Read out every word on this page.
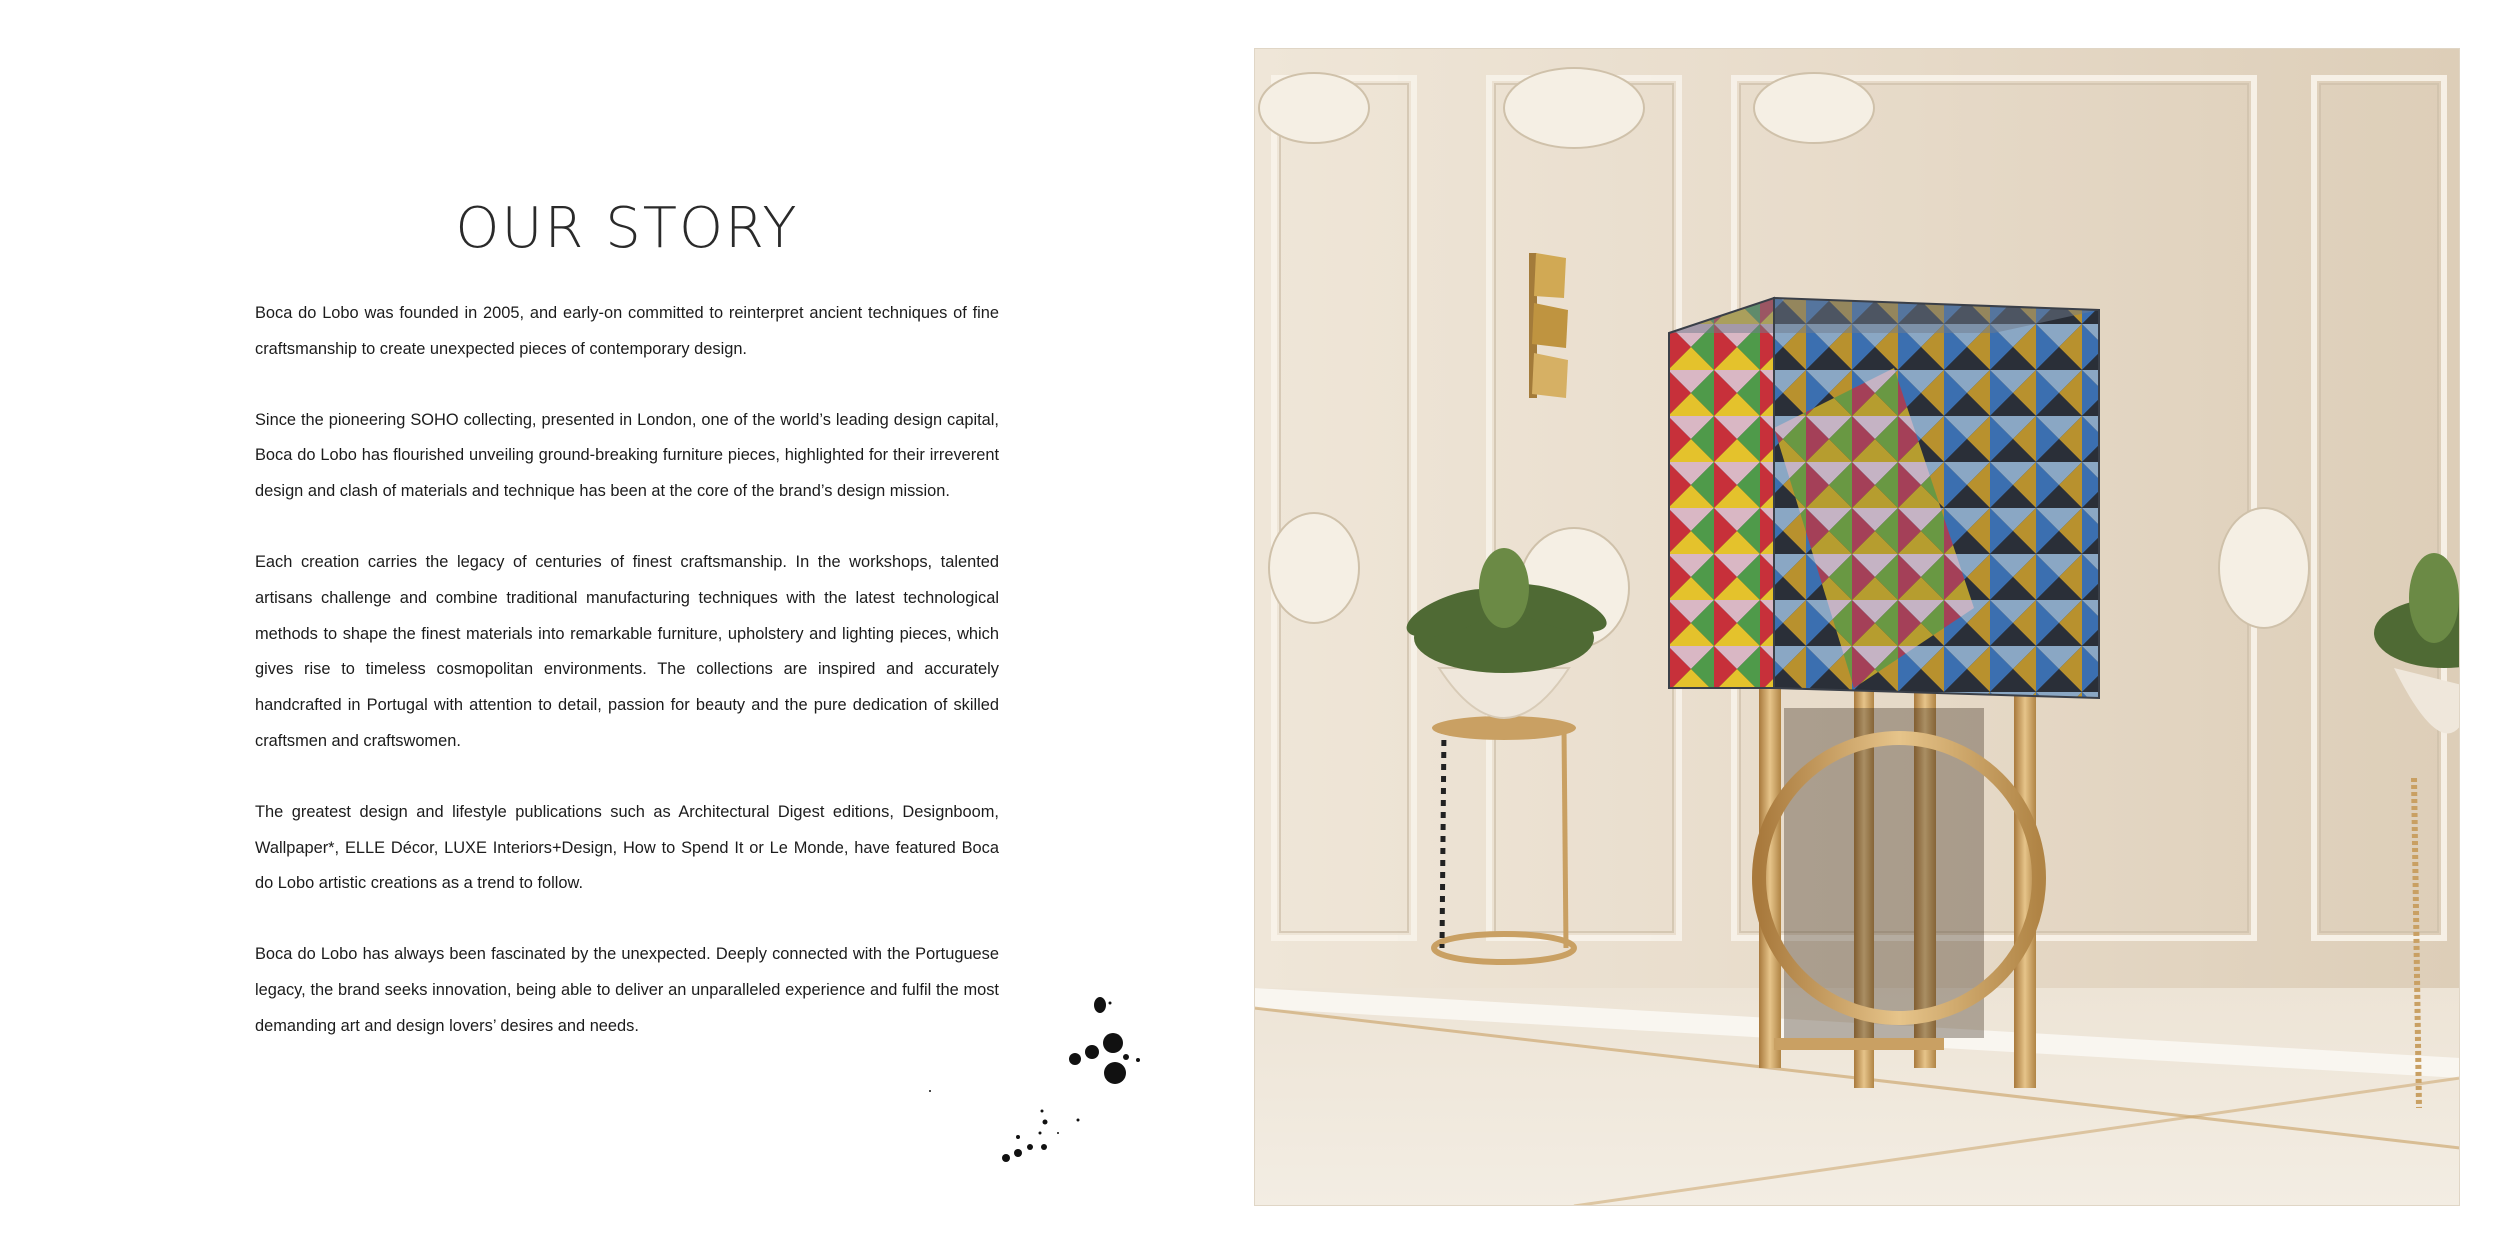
OUR STORY

Boca do Lobo was founded in 2005, and early-on committed to reinterpret ancient techniques of fine craftsmanship to create unexpected pieces of contemporary design.

Since the pioneering SOHO collecting, presented in London, one of the world’s leading design capital, Boca do Lobo has flourished unveiling ground-breaking furniture pieces, highlighted for their irreverent design and clash of materials and technique has been at the core of the brand’s design mission.

Each creation carries the legacy of centuries of finest craftsmanship. In the workshops, talented artisans challenge and combine traditional manufacturing techniques with the latest technological methods to shape the finest materials into remarkable furniture, upholstery and lighting pieces, which gives rise to timeless cosmopolitan environments. The collections are inspired and accurately handcrafted in Portugal with attention to detail, passion for beauty and the pure dedication of skilled craftsmen and craftswomen.

The greatest design and lifestyle publications such as Architectural Digest editions, Designboom, Wallpaper*, ELLE Décor, LUXE Interiors+Design, How to Spend It or Le Monde, have featured Boca do Lobo artistic creations as a trend to follow.

Boca do Lobo has always been fascinated by the unexpected. Deeply connected with the Portuguese legacy, the brand seeks innovation, being able to deliver an unparalleled experience and fulfil the most demanding art and design lovers’ desires and needs.
